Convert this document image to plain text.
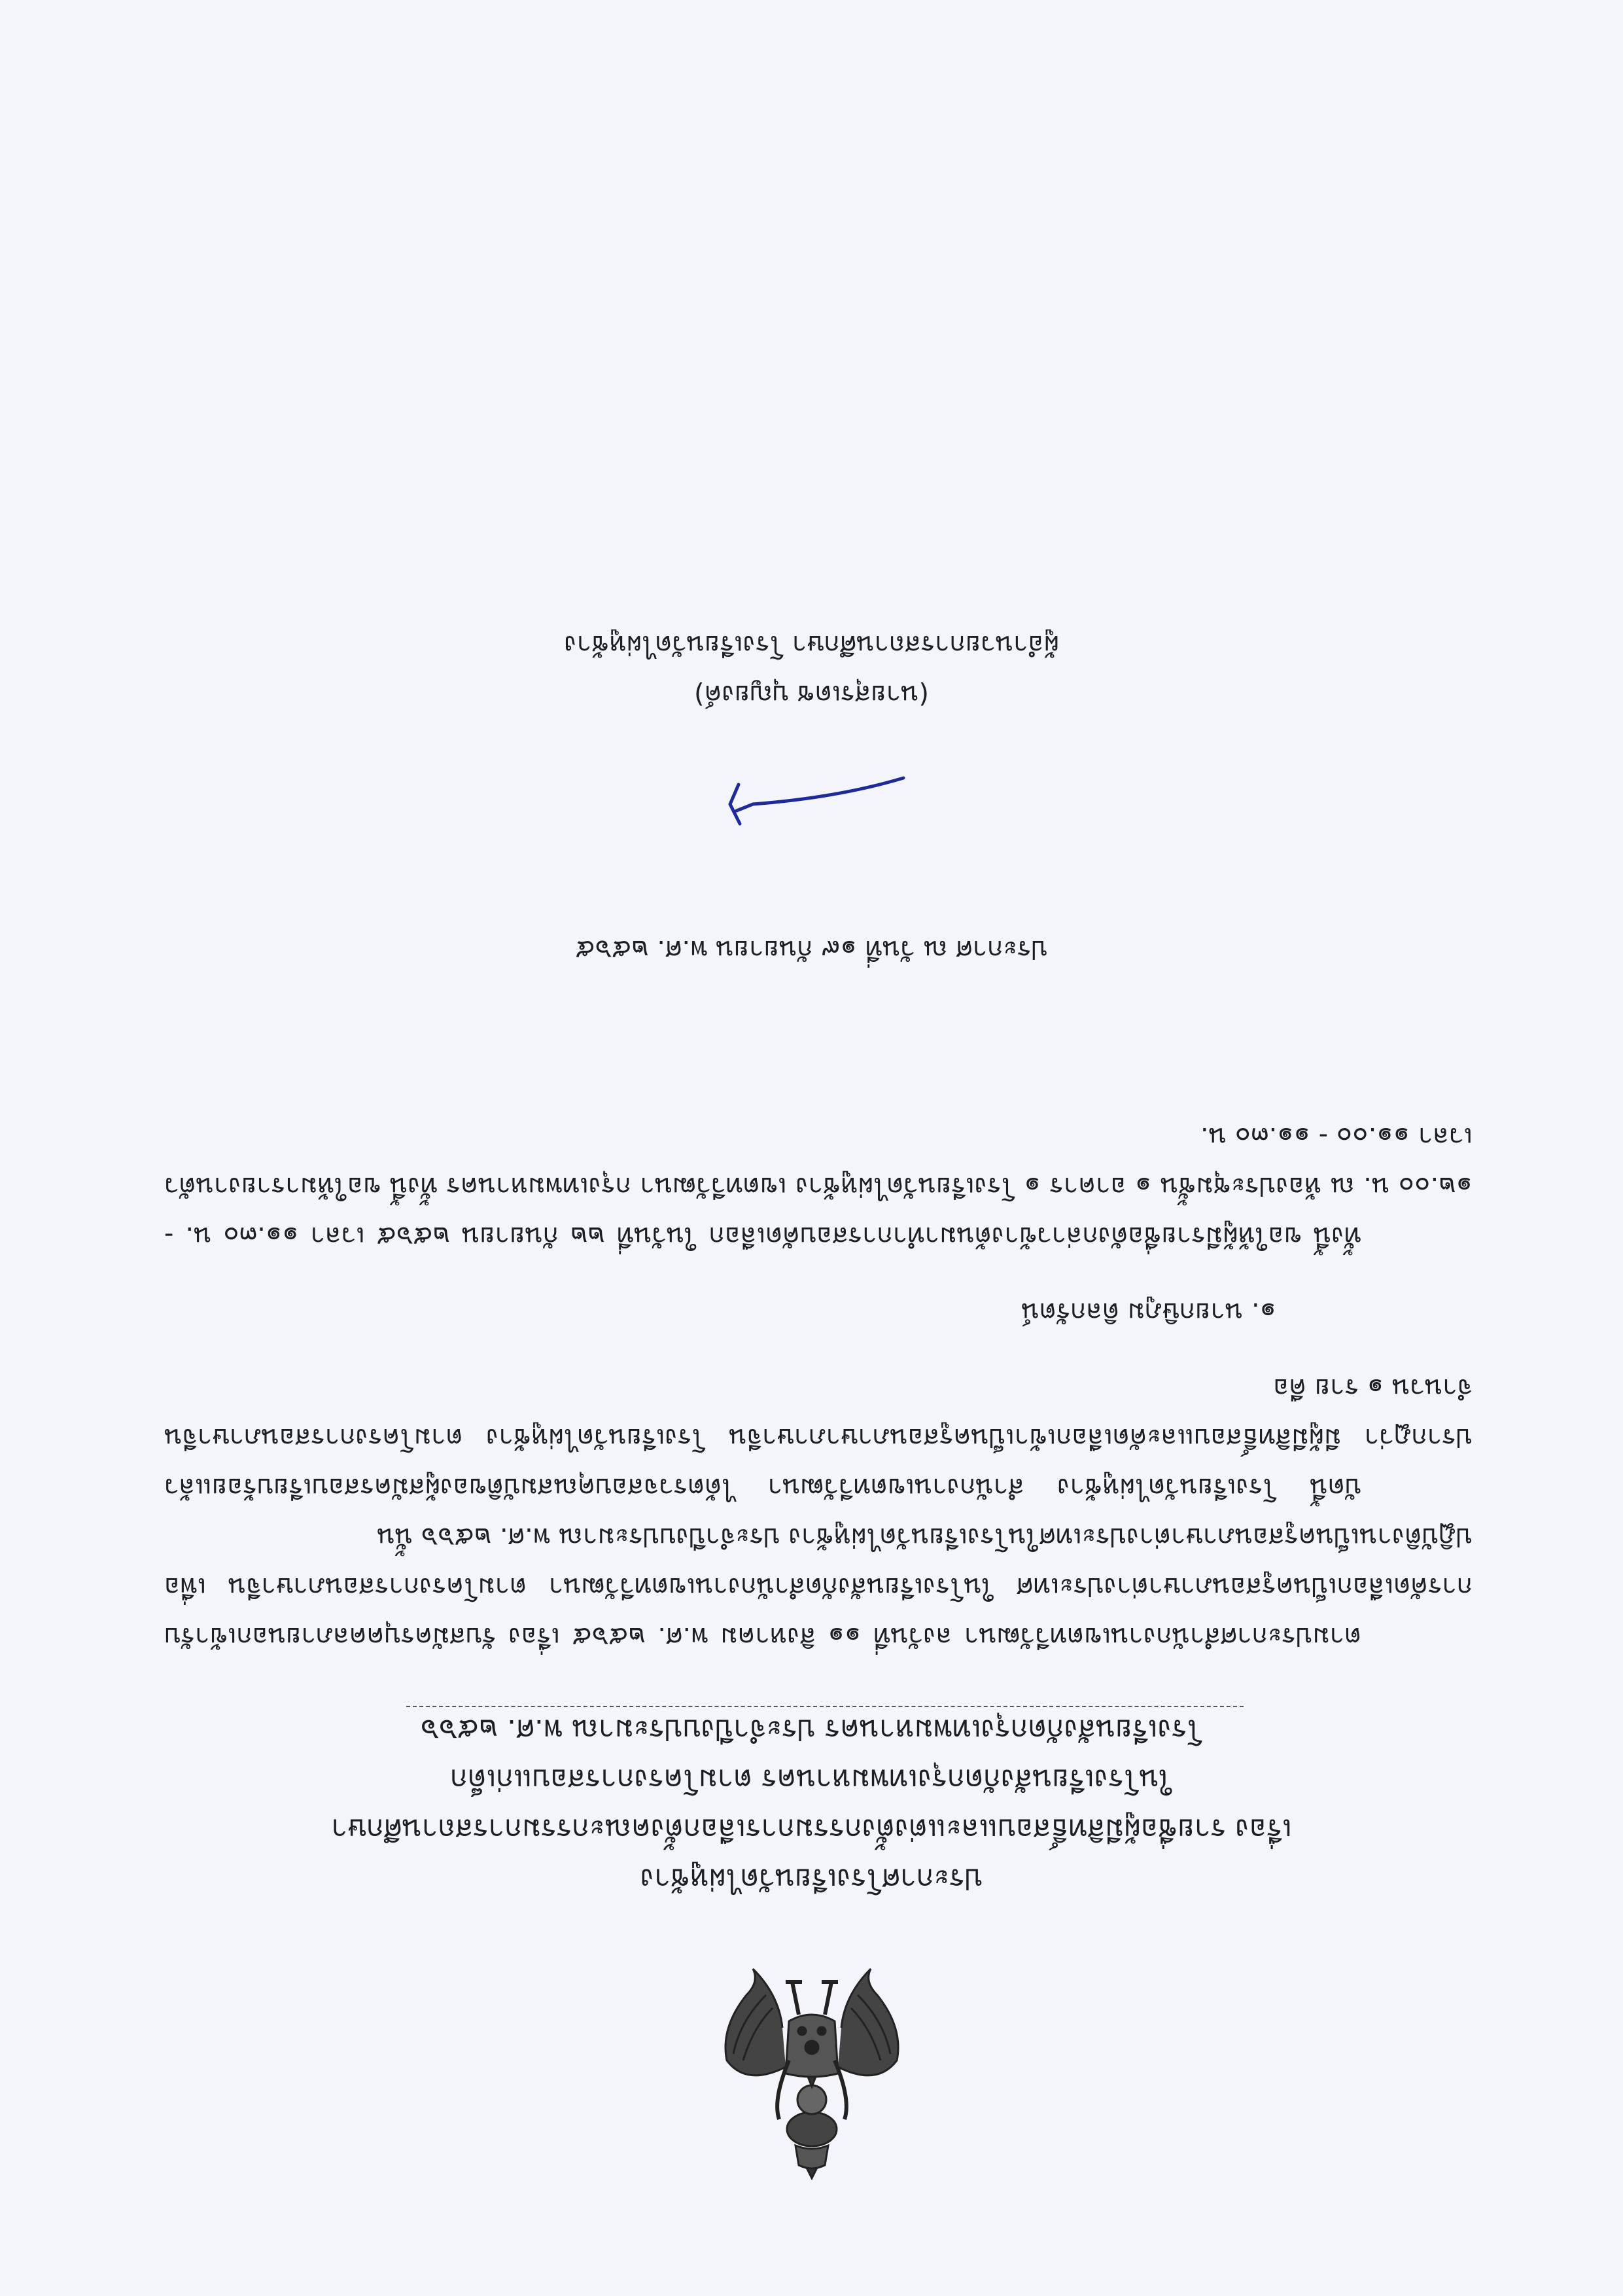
ประกาศโรงเรียนวัดไผ่หูช้าง
เรื่อง รายชื่อผู้มีสิทธิ์สอบและแต่งตั้งกรรมการเลือกตั้งคณะกรรมการสถานศึกษา
ในโรงเรียนสังกัดกรุงเทพมหานคร ตามโครงการสอบแก่เด็ก
โรงเรียนสังกัดกรุงเทพมหานคร ประจำปีงบประมาณ พ.ศ. ๒๕๖๖

ตามประกาศสำนักงานเขตทวีวัฒนา ลงวันที่ ๑๑ สิงหาคม พ.ศ. ๒๕๖๕ เรื่อง รับสมัครบุคคลภายนอกเข้ารับการคัดเลือกเป็นครูสอนภาษาต่างประเทศ ในโรงเรียนสังกัดสำนักงานเขตทวีวัฒนา ตามโครงการสอนภาษาจีน เพื่อปฏิบัติงานเป็นครูสอนภาษาต่างประเทศในโรงเรียนวัดไผ่หูช้าง ประจำปีงบประมาณ พ.ศ. ๒๕๖๖ นั้น

บัดนี้ โรงเรียนวัดไผ่หูช้าง สำนักงานเขตทวีวัฒนา ได้ตรวจสอบคุณสมบัติของผู้สมัครสอบเรียบร้อยแล้ว ปรากฏว่า มีผู้มีสิทธิ์สอบและคัดเลือกเข้าเป็นครูสอนภาษาภาษาจีน โรงเรียนวัดไผ่หูช้าง ตามโครงการสอนภาษาจีน จำนวน ๑ ราย คือ

๑. นายกษิภูม ดิลกรัตน์

ทั้งนี้ ขอให้ผู้มีรายชื่อดังกล่าวข้างต้นมาทำการสอบคัดเลือก ในวันที่ ๒๒ กันยายน ๒๕๖๕ เวลา ๑๑.๓๐ น. - ๑๒.๐๐ น. ณ ห้องประชุมชั้น ๑ อาคาร ๑ โรงเรียนวัดไผ่หูช้าง เขตทวีวัฒนา กรุงเทพมหานคร ทั้งนี้ ขอให้มารายงานตัว เวลา ๑๑.๐๐ - ๑๑.๓๐ น.

ประกาศ ณ วันที่ ๑๙ กันยายน พ.ศ. ๒๕๖๕
(นายสุรเดช บุญยงค์)
ผู้อำนวยการสถานศึกษา โรงเรียนวัดไผ่หูช้าง
